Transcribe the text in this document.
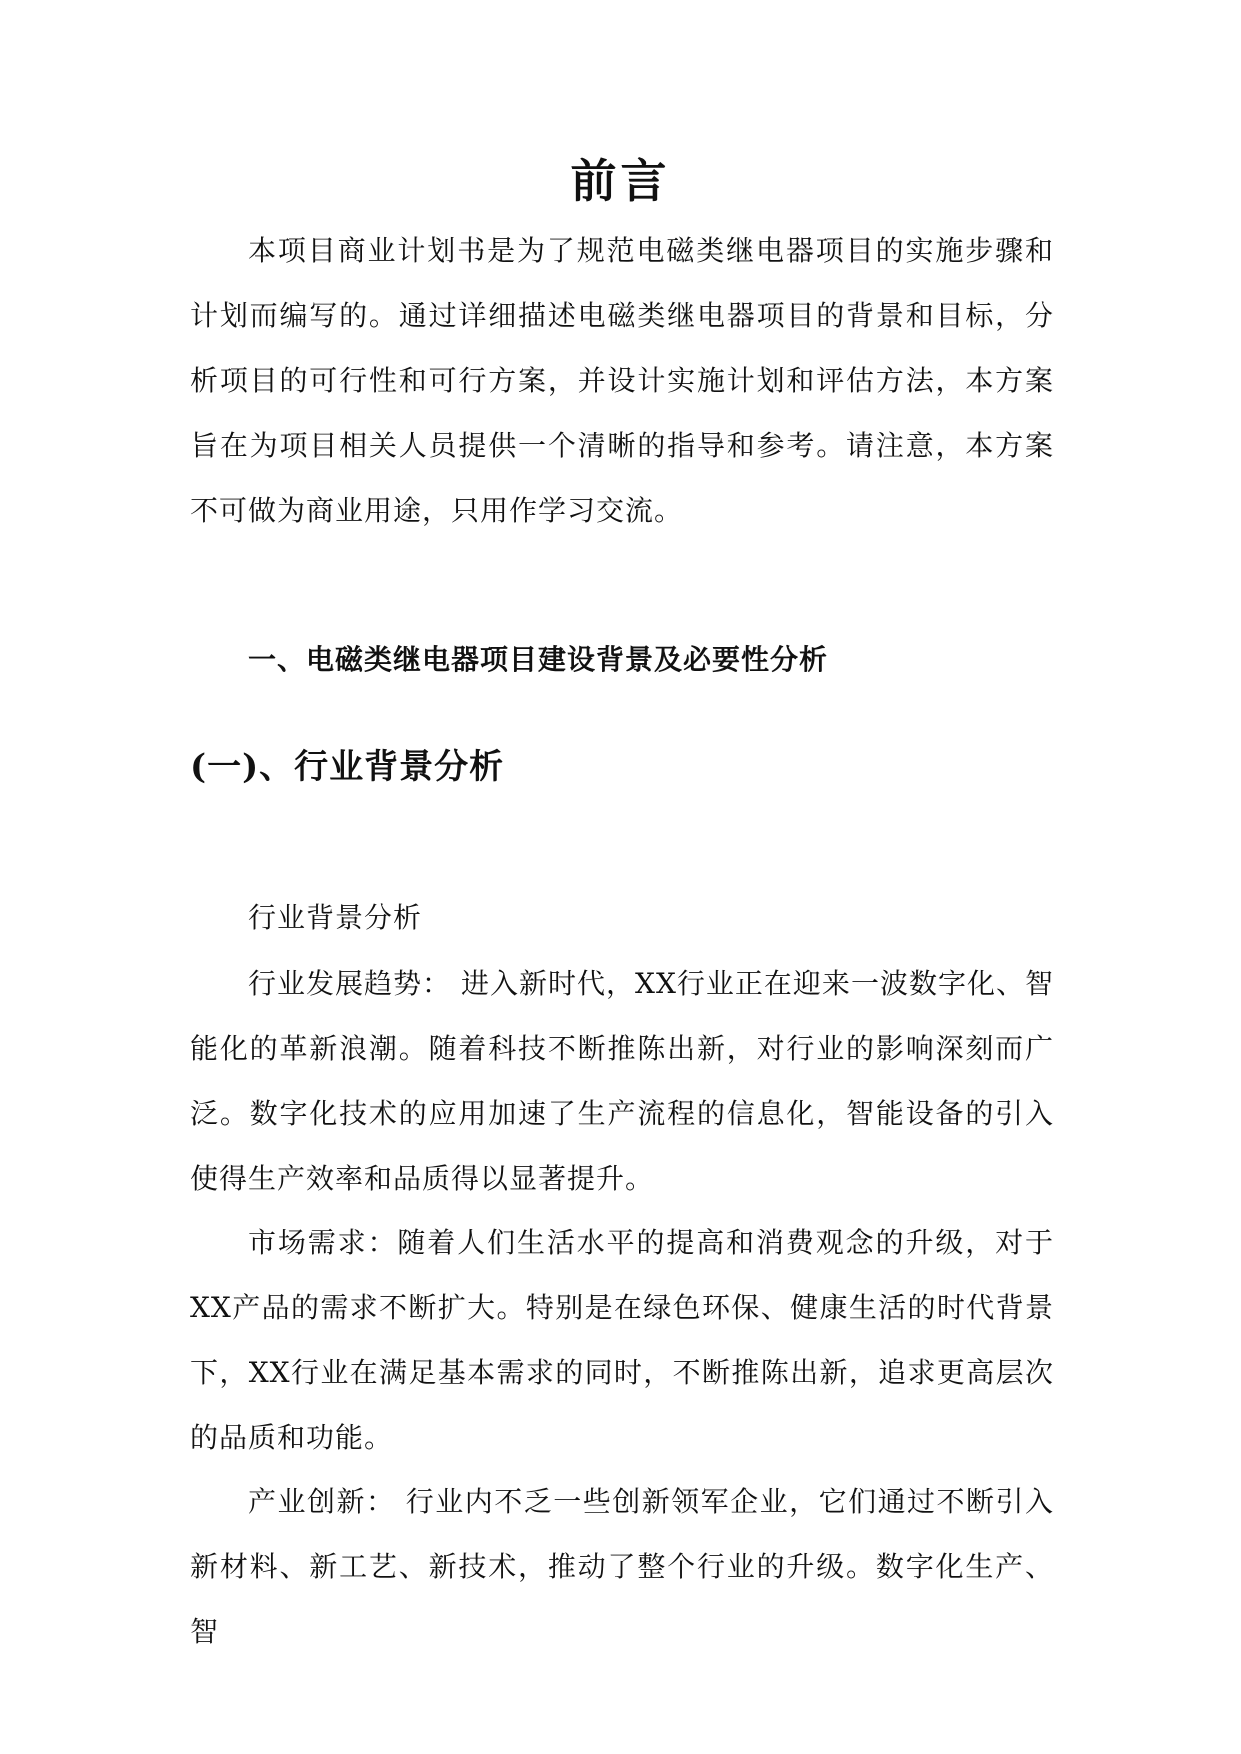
前言

本项目商业计划书是为了规范电磁类继电器项目的实施步骤和计划而编写的。通过详细描述电磁类继电器项目的背景和目标，分析项目的可行性和可行方案，并设计实施计划和评估方法，本方案旨在为项目相关人员提供一个清晰的指导和参考。请注意，本方案不可做为商业用途，只用作学习交流。

一、电磁类继电器项目建设背景及必要性分析
(一)、行业背景分析
行业背景分析

行业发展趋势： 进入新时代，XX行业正在迎来一波数字化、智能化的革新浪潮。随着科技不断推陈出新，对行业的影响深刻而广泛。数字化技术的应用加速了生产流程的信息化，智能设备的引入使得生产效率和品质得以显著提升。

市场需求：随着人们生活水平的提高和消费观念的升级，对于XX产品的需求不断扩大。特别是在绿色环保、健康生活的时代背景下，XX行业在满足基本需求的同时，不断推陈出新，追求更高层次的品质和功能。

产业创新： 行业内不乏一些创新领军企业，它们通过不断引入新材料、新工艺、新技术，推动了整个行业的升级。数字化生产、智
